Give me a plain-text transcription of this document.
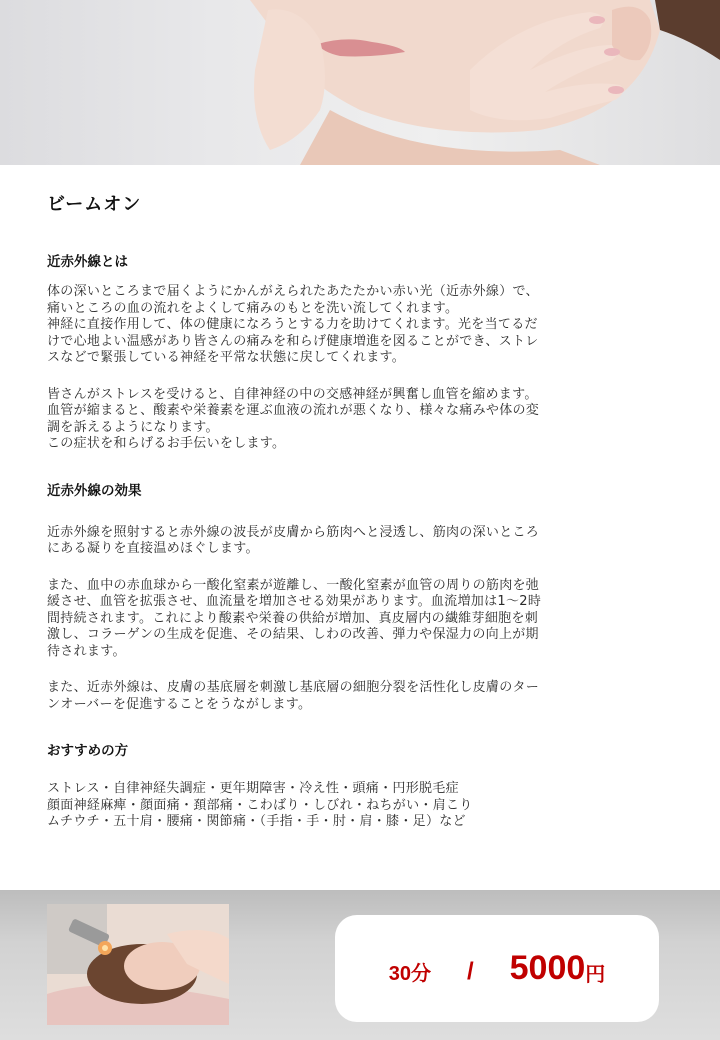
ビームオン
近赤外線とは

体の深いところまで届くようにかんがえられたあたたかい赤い光（近赤外線）で、
痛いところの血の流れをよくして痛みのもとを洗い流してくれます。
神経に直接作用して、体の健康になろうとする力を助けてくれます。光を当てるだ
けで心地よい温感があり皆さんの痛みを和らげ健康増進を図ることができ、ストレ
スなどで緊張している神経を平常な状態に戻してくれます。

皆さんがストレスを受けると、自律神経の中の交感神経が興奮し血管を縮めます。
血管が縮まると、酸素や栄養素を運ぶ血液の流れが悪くなり、様々な痛みや体の変
調を訴えるようになります。
この症状を和らげるお手伝いをします。

近赤外線の効果

近赤外線を照射すると赤外線の波長が皮膚から筋肉へと浸透し、筋肉の深いところ
にある凝りを直接温めほぐします。

また、血中の赤血球から一酸化窒素が遊離し、一酸化窒素が血管の周りの筋肉を弛
緩させ、血管を拡張させ、血流量を増加させる効果があります。血流増加は1～2時
間持続されます。これにより酸素や栄養の供給が増加、真皮層内の繊維芽細胞を刺
激し、コラーゲンの生成を促進、その結果、しわの改善、弾力や保湿力の向上が期
待されます。

また、近赤外線は、皮膚の基底層を刺激し基底層の細胞分裂を活性化し皮膚のター
ンオーバーを促進することをうながします。

おすすめの方

ストレス・自律神経失調症・更年期障害・冷え性・頭痛・円形脱毛症
顔面神経麻痺・顔面痛・頚部痛・こわばり・しびれ・ねちがい・肩こり
ムチウチ・五十肩・腰痛・関節痛・（手指・手・肘・肩・膝・足）など

30分 / 5000 円
